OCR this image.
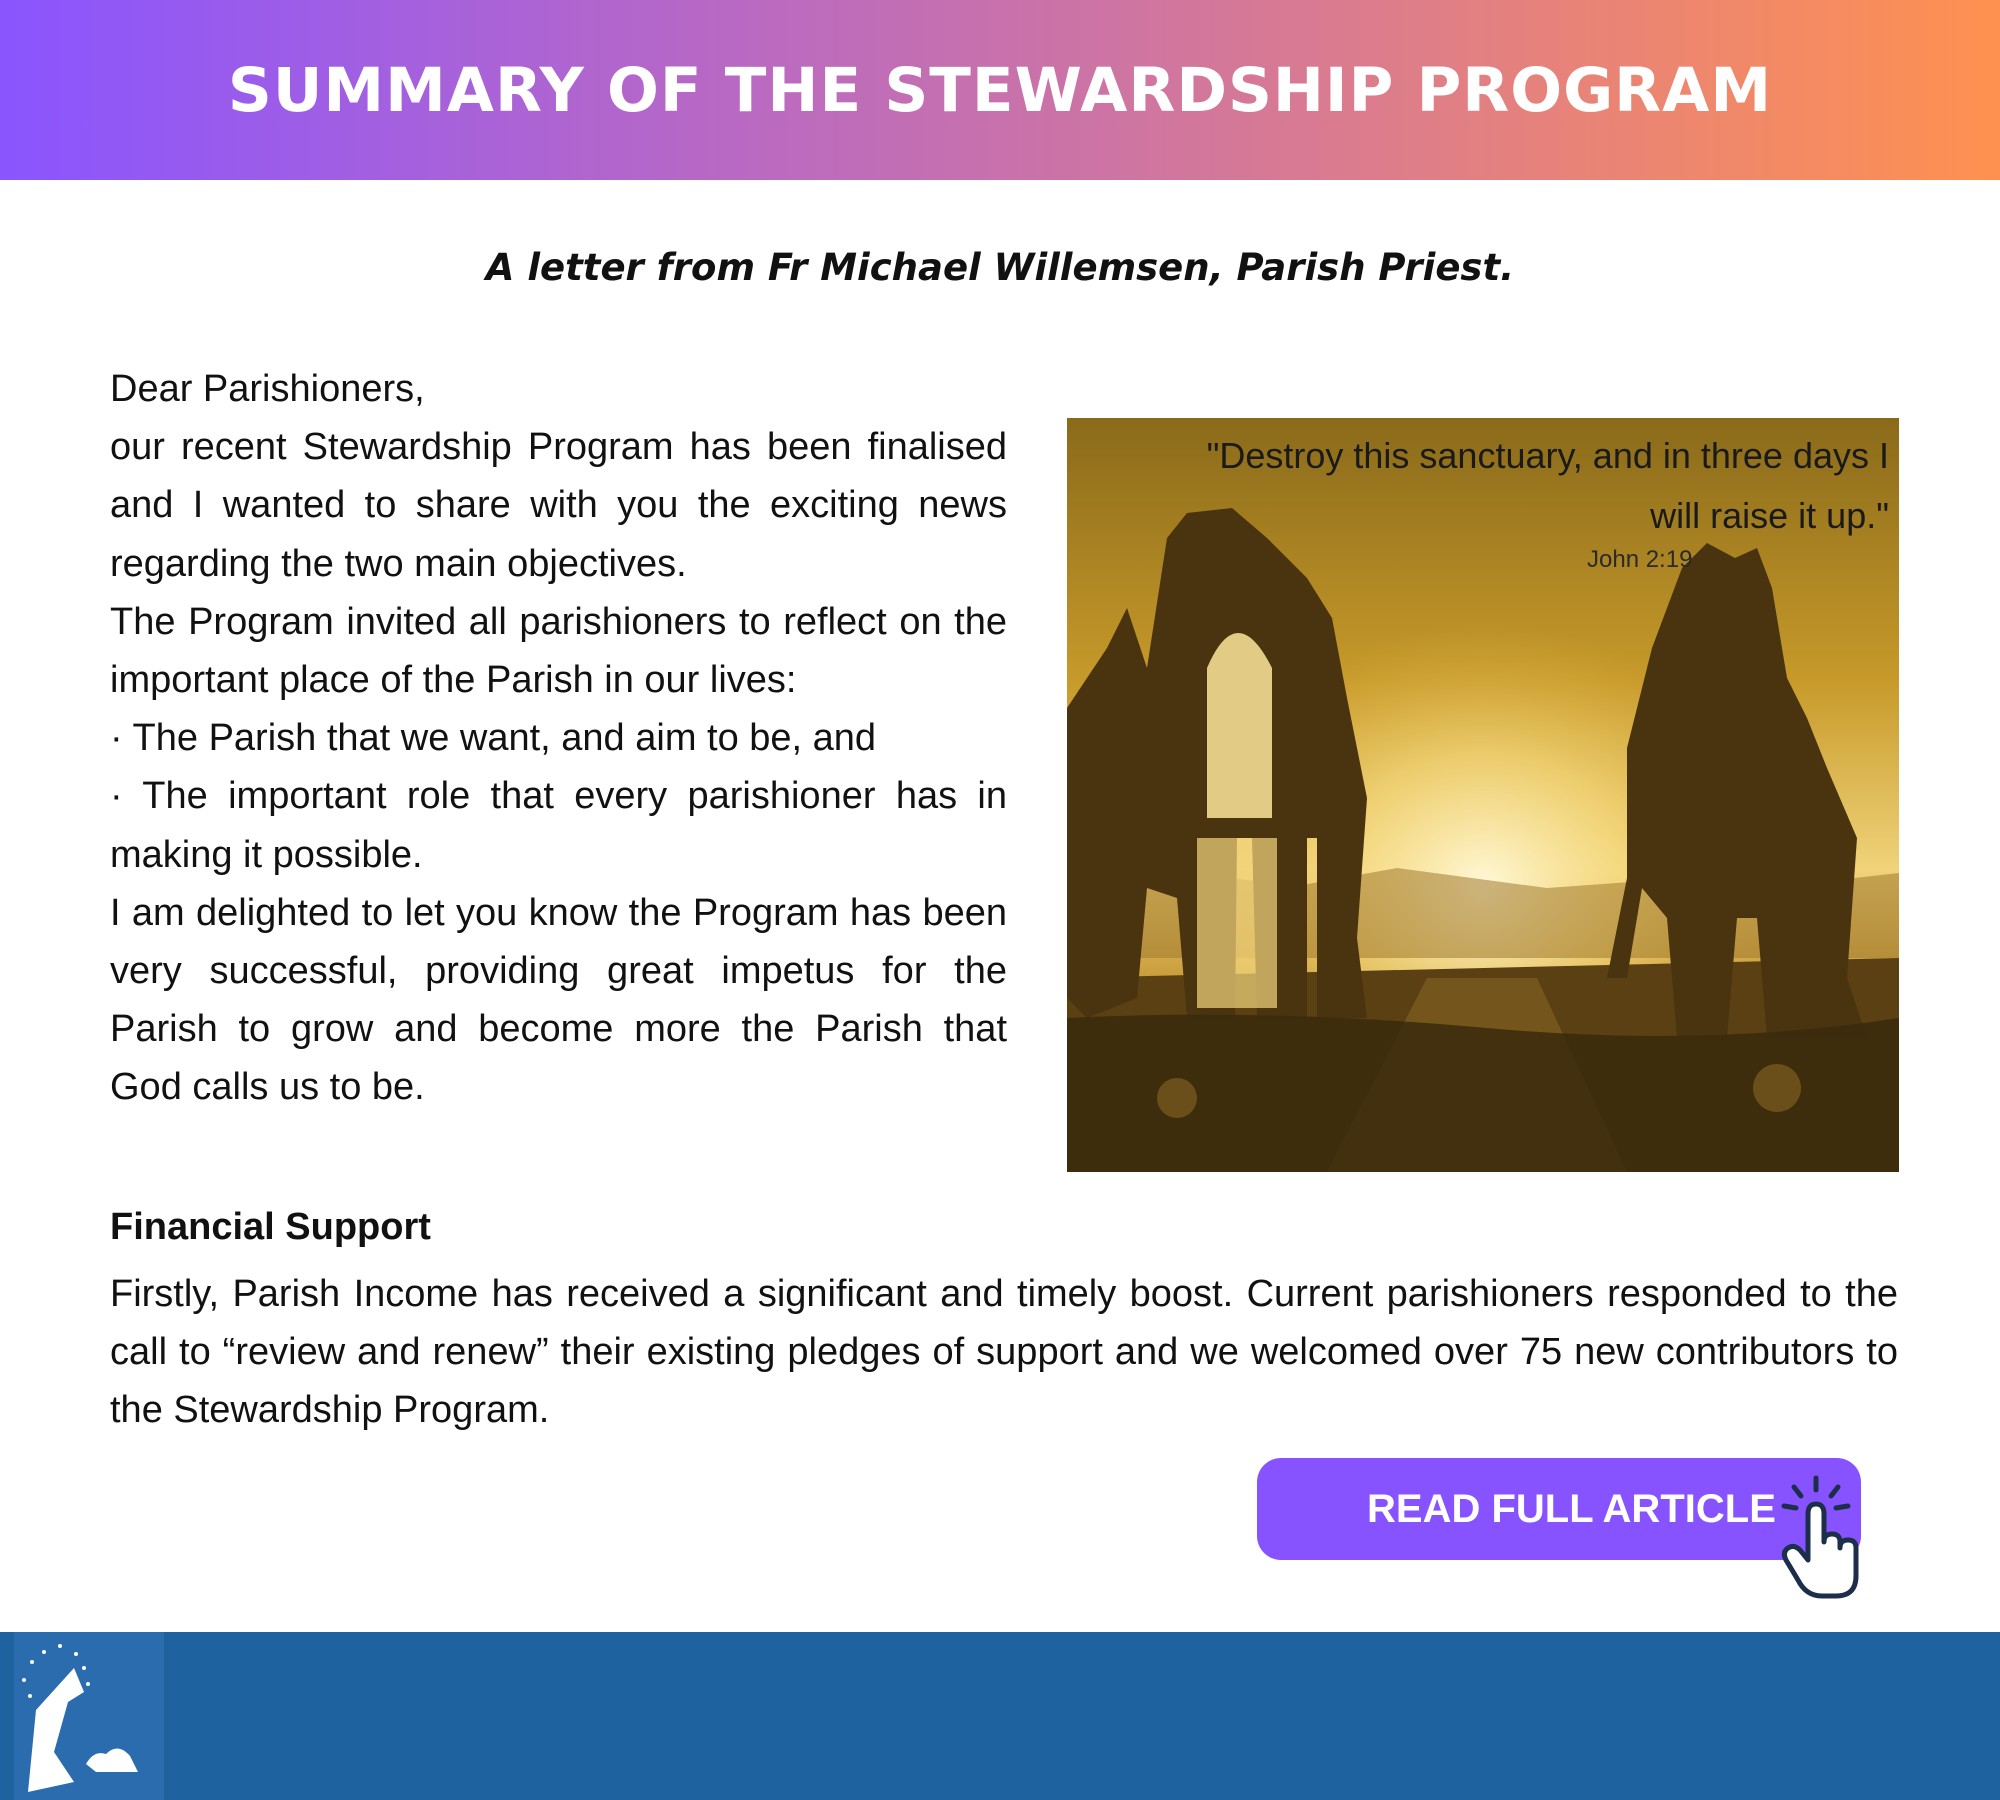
SUMMARY OF THE STEWARDSHIP PROGRAM
A letter from Fr Michael Willemsen, Parish Priest.

Dear Parishioners,

our recent Stewardship Program has been finalised and I wanted to share with you the exciting news regarding the two main objectives.

The Program invited all parishioners to reflect on the important place of the Parish in our lives:

· The Parish that we want, and aim to be, and

· The important role that every parishioner has in making it possible.

I am delighted to let you know the Program has been very successful, providing great impetus for the Parish to grow and become more the Parish that God calls us to be.

"Destroy this sanctuary, and in three days I will raise it up."
John 2:19
Financial Support

Firstly, Parish Income has received a significant and timely boost. Current parishioners responded to the call to “review and renew” their existing pledges of support and we welcomed over 75 new contributors to the Stewardship Program.

READ FULL ARTICLE
